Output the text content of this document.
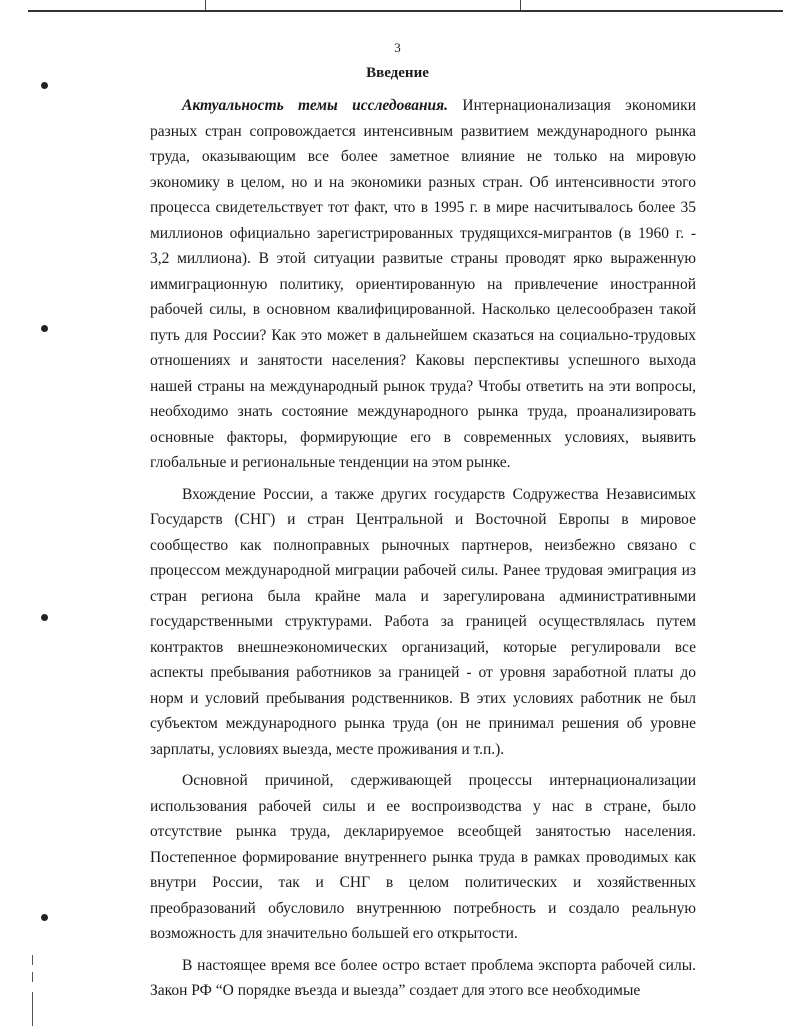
3
Введение

Актуальность темы исследования. Интернационализация экономики разных стран сопровождается интенсивным развитием международного рынка труда, оказывающим все более заметное влияние не только на мировую экономику в целом, но и на экономики разных стран. Об интенсивности этого процесса свидетельствует тот факт, что в 1995 г. в мире насчитывалось более 35 миллионов официально зарегистрированных трудящихся-мигрантов (в 1960 г. - 3,2 миллиона). В этой ситуации развитые страны проводят ярко выраженную иммиграционную политику, ориентированную на привлечение иностранной рабочей силы, в основном квалифицированной. Насколько целесообразен такой путь для России? Как это может в дальнейшем сказаться на социально-трудовых отношениях и занятости населения? Каковы перспективы успешного выхода нашей страны на международный рынок труда? Чтобы ответить на эти вопросы, необходимо знать состояние международного рынка труда, проанализировать основные факторы, формирующие его в современных условиях, выявить глобальные и региональные тенденции на этом рынке.

Вхождение России, а также других государств Содружества Независимых Государств (СНГ) и стран Центральной и Восточной Европы в мировое сообщество как полноправных рыночных партнеров, неизбежно связано с процессом международной миграции рабочей силы. Ранее трудовая эмиграция из стран региона была крайне мала и зарегулирована административными государственными структурами. Работа за границей осуществлялась путем контрактов внешнеэкономических организаций, которые регулировали все аспекты пребывания работников за границей - от уровня заработной платы до норм и условий пребывания родственников. В этих условиях работник не был субъектом международного рынка труда (он не принимал решения об уровне зарплаты, условиях выезда, месте проживания и т.п.).

Основной причиной, сдерживающей процессы интернационализации использования рабочей силы и ее воспроизводства у нас в стране, было отсутствие рынка труда, декларируемое всеобщей занятостью населения. Постепенное формирование внутреннего рынка труда в рамках проводимых как внутри России, так и СНГ в целом политических и хозяйственных преобразований обусловило внутреннюю потребность и создало реальную возможность для значительно большей его открытости.

В настоящее время все более остро встает проблема экспорта рабочей силы. Закон РФ “О порядке въезда и выезда” создает для этого все необходимые
